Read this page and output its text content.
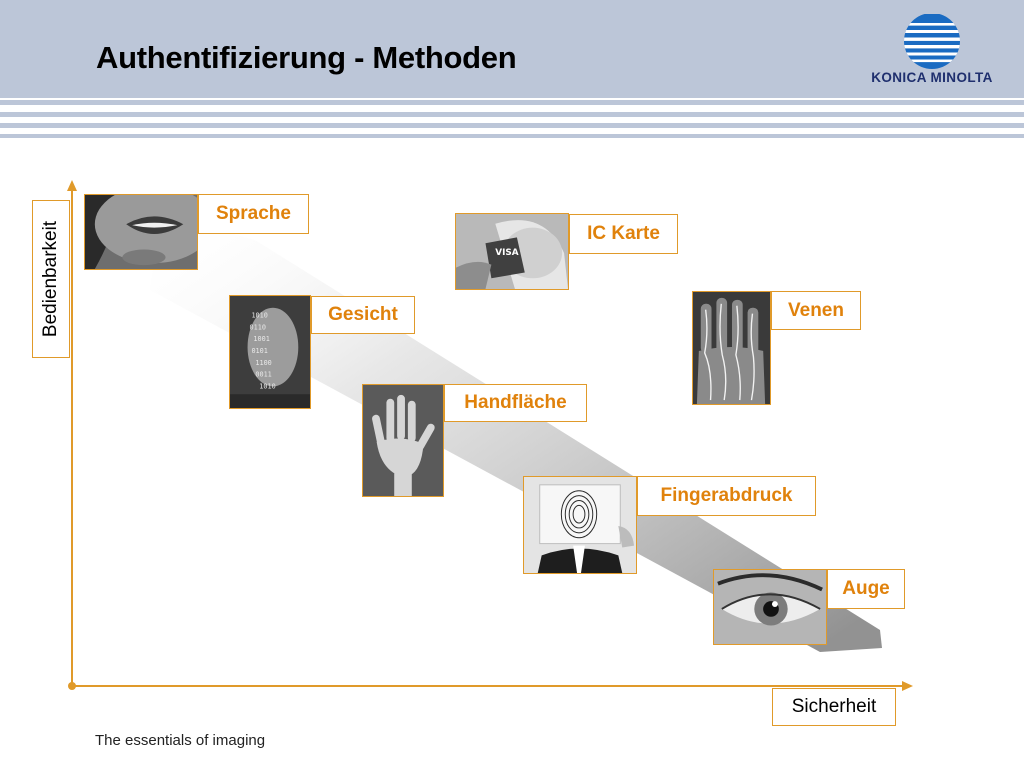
Authentifizierung - Methoden
KONICA MINOLTA
Bedienbarkeit
Sicherheit
Sprache
VISA
IC Karte
1010
0110
1001
0101
1100
0011
1010
Gesicht	Venen
Handfläche
Fingerabdruck
Auge
The essentials of imaging
